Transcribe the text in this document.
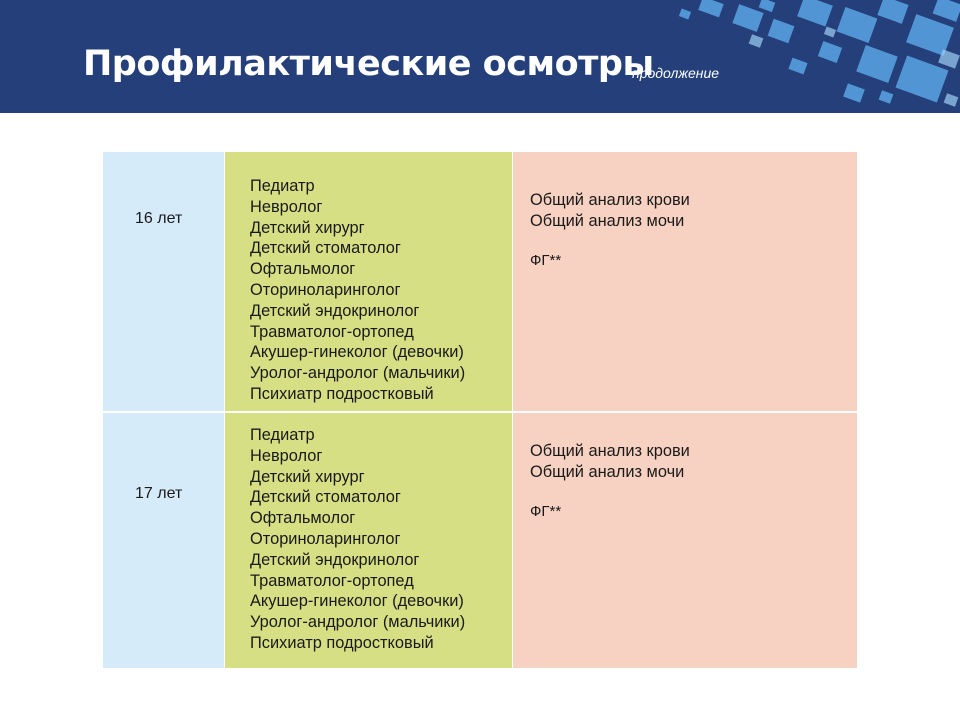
Профилактические осмотры
продолжение
16 лет
Педиатр
Невролог
Детский хирург
Детский стоматолог
Офтальмолог
Оториноларинголог
Детский эндокринолог
Травматолог-ортопед
Акушер-гинеколог (девочки)
Уролог-андролог (мальчики)
Психиатр подростковый
Общий анализ крови
Общий анализ мочи
ФГ**
17 лет
Педиатр
Невролог
Детский хирург
Детский стоматолог
Офтальмолог
Оториноларинголог
Детский эндокринолог
Травматолог-ортопед
Акушер-гинеколог (девочки)
Уролог-андролог (мальчики)
Психиатр подростковый
Общий анализ крови
Общий анализ мочи
ФГ**
